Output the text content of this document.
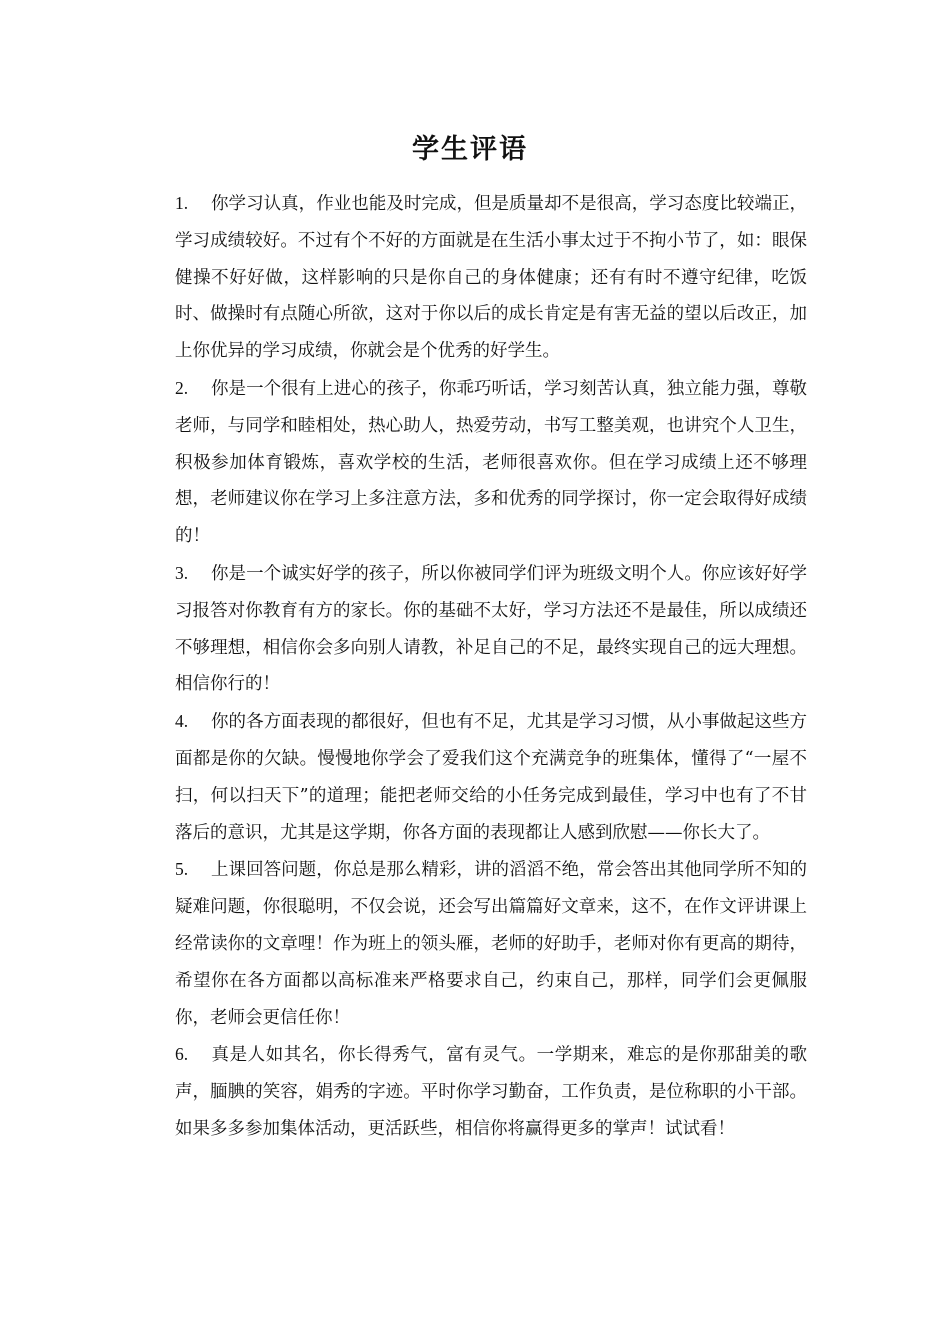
学生评语

1. 你学习认真，作业也能及时完成，但是质量却不是很高，学习态度比较端正，学习成绩较好。不过有个不好的方面就是在生活小事太过于不拘小节了，如：眼保健操不好好做，这样影响的只是你自己的身体健康；还有有时不遵守纪律，吃饭时、做操时有点随心所欲，这对于你以后的成长肯定是有害无益的望以后改正，加上你优异的学习成绩，你就会是个优秀的好学生。

2. 你是一个很有上进心的孩子，你乖巧听话，学习刻苦认真，独立能力强，尊敬老师，与同学和睦相处，热心助人，热爱劳动，书写工整美观，也讲究个人卫生，积极参加体育锻炼，喜欢学校的生活，老师很喜欢你。但在学习成绩上还不够理想，老师建议你在学习上多注意方法，多和优秀的同学探讨，你一定会取得好成绩的！

3. 你是一个诚实好学的孩子，所以你被同学们评为班级文明个人。你应该好好学习报答对你教育有方的家长。你的基础不太好，学习方法还不是最佳，所以成绩还不够理想，相信你会多向别人请教，补足自己的不足，最终实现自己的远大理想。相信你行的！

4. 你的各方面表现的都很好，但也有不足，尤其是学习习惯，从小事做起这些方面都是你的欠缺。慢慢地你学会了爱我们这个充满竞争的班集体，懂得了“一屋不扫，何以扫天下”的道理；能把老师交给的小任务完成到最佳，学习中也有了不甘落后的意识，尤其是这学期，你各方面的表现都让人感到欣慰——你长大了。

5. 上课回答问题，你总是那么精彩，讲的滔滔不绝，常会答出其他同学所不知的疑难问题，你很聪明，不仅会说，还会写出篇篇好文章来，这不，在作文评讲课上经常读你的文章哩！作为班上的领头雁，老师的好助手，老师对你有更高的期待，希望你在各方面都以高标准来严格要求自己，约束自己，那样，同学们会更佩服你，老师会更信任你！

6. 真是人如其名，你长得秀气，富有灵气。一学期来，难忘的是你那甜美的歌声，腼腆的笑容，娟秀的字迹。平时你学习勤奋，工作负责，是位称职的小干部。如果多多参加集体活动，更活跃些，相信你将赢得更多的掌声！试试看！
